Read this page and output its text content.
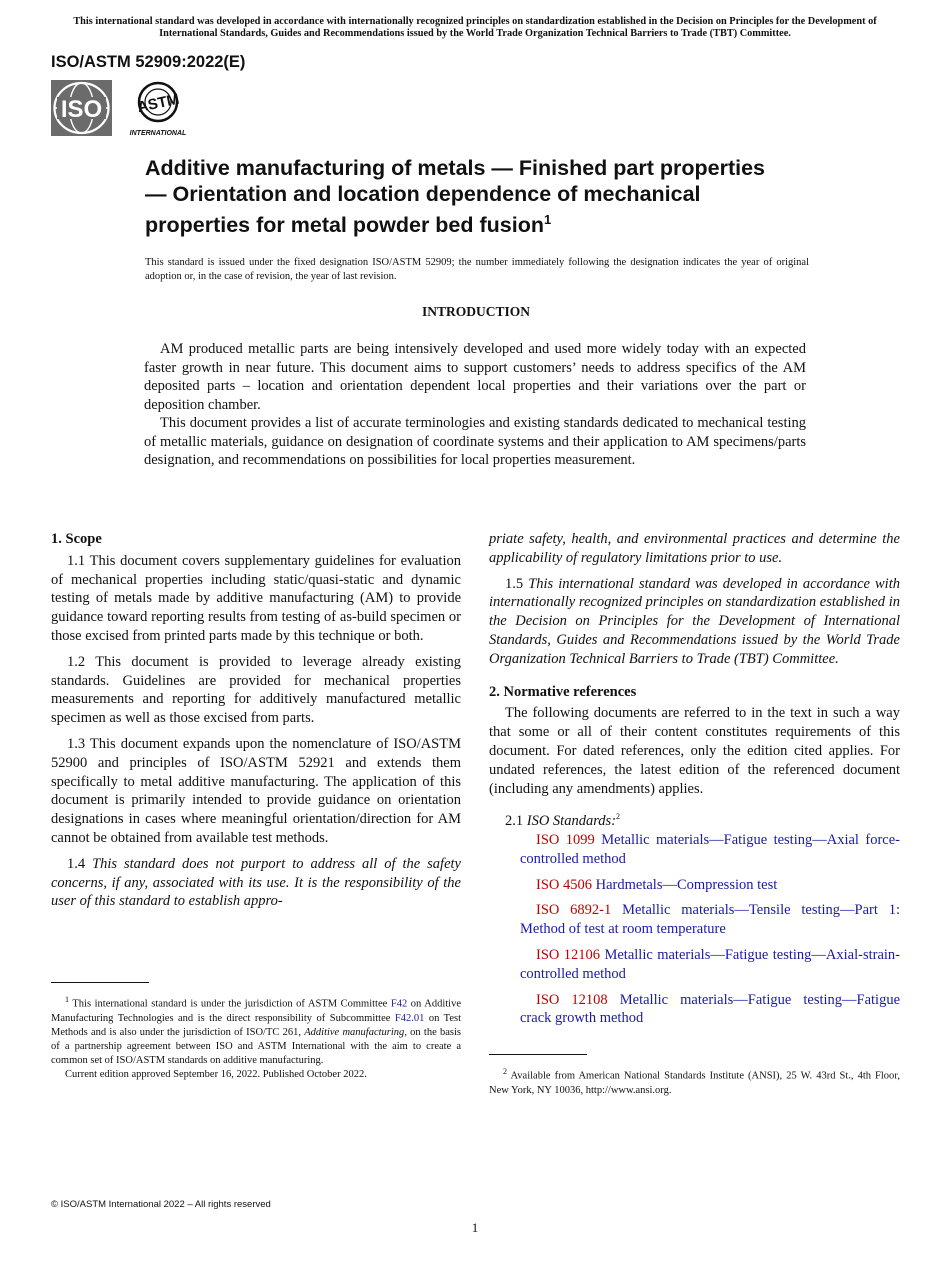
This international standard was developed in accordance with internationally recognized principles on standardization established in the Decision on Principles for the Development of International Standards, Guides and Recommendations issued by the World Trade Organization Technical Barriers to Trade (TBT) Committee.
ISO/ASTM 52909:2022(E)
ISO ASTM
INTERNATIONAL
Additive manufacturing of metals — Finished part properties — Orientation and location dependence of mechanical properties for metal powder bed fusion$^1$
This standard is issued under the fixed designation ISO/ASTM 52909; the number immediately following the designation indicates the year of original adoption or, in the case of revision, the year of last revision.
INTRODUCTION

AM produced metallic parts are being intensively developed and used more widely today with an expected faster growth in near future. This document aims to support customers’ needs to address specifics of the AM deposited parts – location and orientation dependent local properties and their variations over the part or deposition chamber.

This document provides a list of accurate terminologies and existing standards dedicated to mechanical testing of metallic materials, guidance on designation of coordinate systems and their application to AM specimens/parts designation, and recommendations on possibilities for local properties measurement.

1. Scope

1.1 This document covers supplementary guidelines for evaluation of mechanical properties including static/quasi-static and dynamic testing of metals made by additive manufacturing (AM) to provide guidance toward reporting results from testing of as-build specimen or those excised from printed parts made by this technique or both.

1.2 This document is provided to leverage already existing standards. Guidelines are provided for mechanical properties measurements and reporting for additively manufactured metallic specimen as well as those excised from parts.

1.3 This document expands upon the nomenclature of ISO/ASTM 52900 and principles of ISO/ASTM 52921 and extends them specifically to metal additive manufacturing. The application of this document is primarily intended to provide guidance on orientation designations in cases where meaningful orientation/direction for AM cannot be obtained from available test methods.

1.4 This standard does not purport to address all of the safety concerns, if any, associated with its use. It is the responsibility of the user of this standard to establish appro-

$^1$ This international standard is under the jurisdiction of ASTM Committee F42 on Additive Manufacturing Technologies and is the direct responsibility of Subcommittee F42.01 on Test Methods and is also under the jurisdiction of ISO/TC 261, Additive manufacturing, on the basis of a partnership agreement between ISO and ASTM International with the aim to create a common set of ISO/ASTM standards on additive manufacturing.

Current edition approved September 16, 2022. Published October 2022.

priate safety, health, and environmental practices and determine the applicability of regulatory limitations prior to use.

1.5 This international standard was developed in accordance with internationally recognized principles on standardization established in the Decision on Principles for the Development of International Standards, Guides and Recommendations issued by the World Trade Organization Technical Barriers to Trade (TBT) Committee.

2. Normative references

The following documents are referred to in the text in such a way that some or all of their content constitutes requirements of this document. For dated references, only the edition cited applies. For undated references, the latest edition of the referenced document (including any amendments) applies.

2.1 ISO Standards:$^2$

ISO 1099 Metallic materials—Fatigue testing—Axial force-controlled method

ISO 4506 Hardmetals—Compression test

ISO 6892-1 Metallic materials—Tensile testing—Part 1: Method of test at room temperature

ISO 12106 Metallic materials—Fatigue testing—Axial-strain-controlled method

ISO 12108 Metallic materials—Fatigue testing—Fatigue crack growth method

$^2$ Available from American National Standards Institute (ANSI), 25 W. 43rd St., 4th Floor, New York, NY 10036, http://www.ansi.org.

© ISO/ASTM International 2022 – All rights reserved
1
